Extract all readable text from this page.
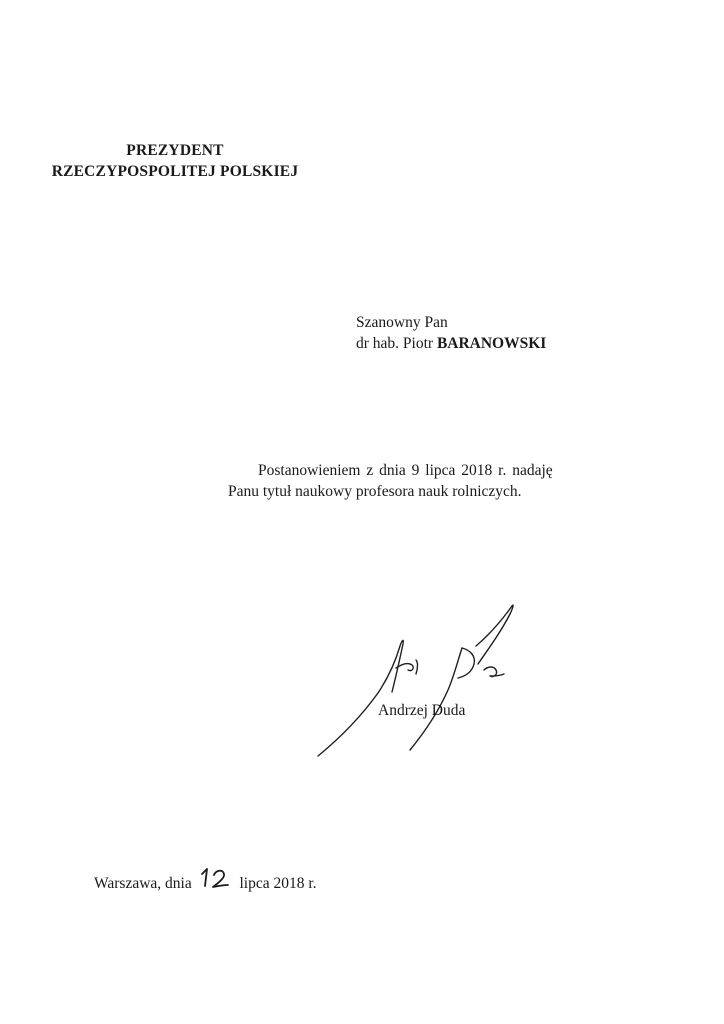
PREZYDENT
RZECZYPOSPOLITEJ POLSKIEJ
Szanowny Pan
dr hab. Piotr BARANOWSKI
Postanowieniem z dnia 9 lipca 2018 r. nadaję
Panu tytuł naukowy profesora nauk rolniczych.
Andrzej Duda
Warszawa, dnia	lipca 2018 r.
